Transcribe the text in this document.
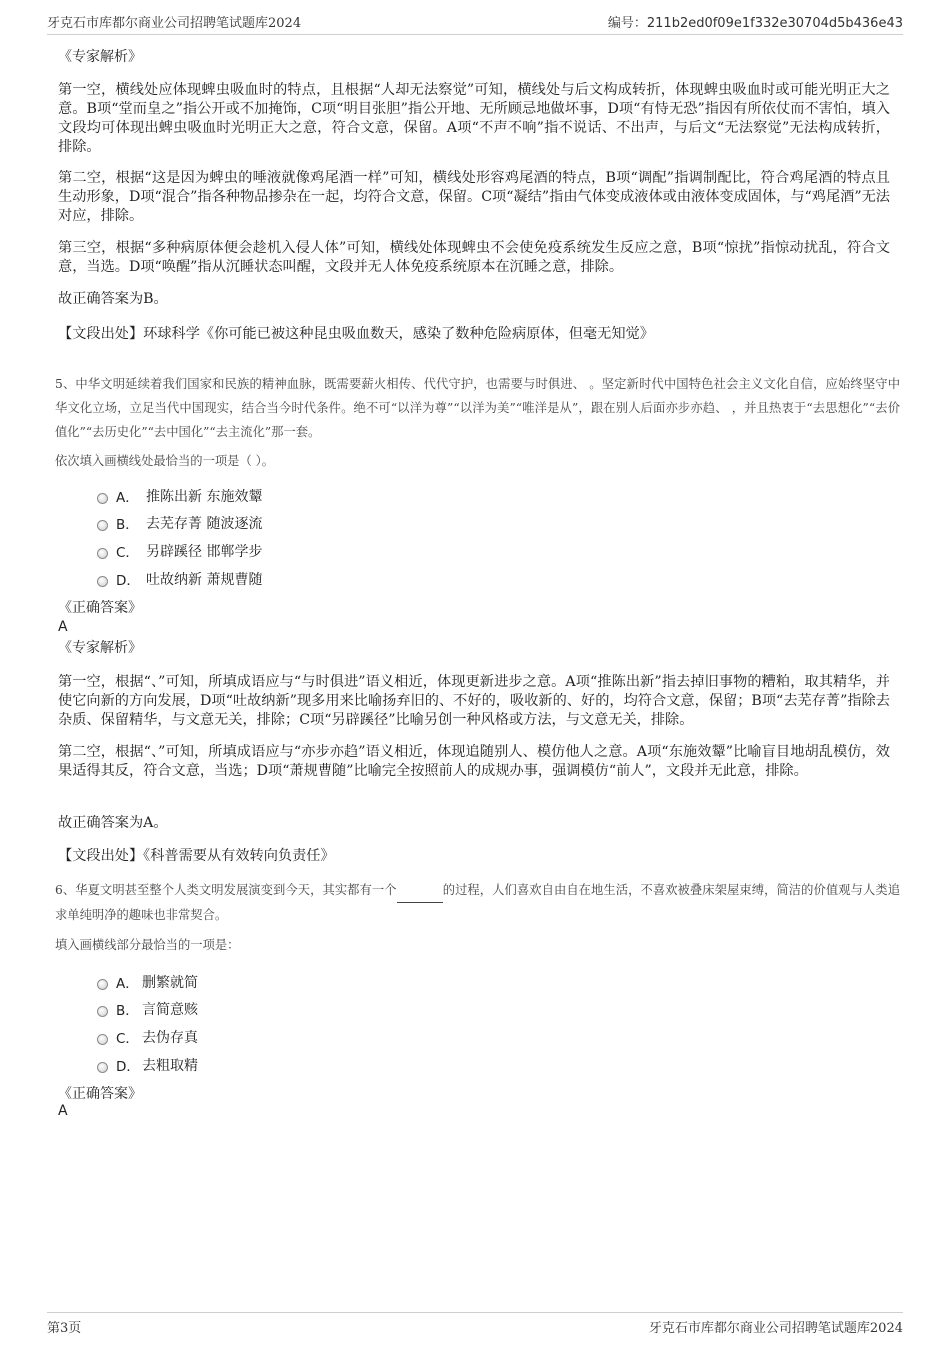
牙克石市库都尔商业公司招聘笔试题库2024	编号：211b2ed0f09e1f332e30704d5b436e43
《专家解析》
第一空，横线处应体现蜱虫吸血时的特点，且根据“人却无法察觉”可知，横线处与后文构成转折，体现蜱虫吸血时或可能光明正大之意。B项“堂而皇之”指公开或不加掩饰，C项“明目张胆”指公开地、无所顾忌地做坏事，D项“有恃无恐”指因有所依仗而不害怕，填入文段均可体现出蜱虫吸血时光明正大之意，符合文意，保留。A项“不声不响”指不说话、不出声，与后文“无法察觉”无法构成转折，排除。
第二空，根据“这是因为蜱虫的唾液就像鸡尾酒一样”可知，横线处形容鸡尾酒的特点，B项“调配”指调制配比，符合鸡尾酒的特点且生动形象，D项“混合”指各种物品掺杂在一起，均符合文意，保留。C项“凝结”指由气体变成液体或由液体变成固体，与“鸡尾酒”无法对应，排除。
第三空，根据“多种病原体便会趁机入侵人体”可知，横线处体现蜱虫不会使免疫系统发生反应之意，B项“惊扰”指惊动扰乱，符合文意，当选。D项“唤醒”指从沉睡状态叫醒，文段并无人体免疫系统原本在沉睡之意，排除。
故正确答案为B。
【文段出处】环球科学《你可能已被这种昆虫吸血数天，感染了数种危险病原体，但毫无知觉》
5、中华文明延续着我们国家和民族的精神血脉，既需要薪火相传、代代守护，也需要与时俱进、 。坚定新时代中国特色社会主义文化自信，应始终坚守中华文化立场，立足当代中国现实，结合当今时代条件。绝不可“以洋为尊”“以洋为美”“唯洋是从”，跟在别人后面亦步亦趋、 ，并且热衷于“去思想化”“去价值化”“去历史化”“去中国化”“去主流化”那一套。
依次填入画横线处最恰当的一项是（ ）。
A． 推陈出新 东施效颦
B． 去芜存菁 随波逐流
C． 另辟蹊径 邯郸学步
D． 吐故纳新 萧规曹随
《正确答案》
A
《专家解析》
第一空，根据“、”可知，所填成语应与“与时俱进”语义相近，体现更新进步之意。A项“推陈出新”指去掉旧事物的糟粕，取其精华，并使它向新的方向发展，D项“吐故纳新”现多用来比喻扬弃旧的、不好的，吸收新的、好的，均符合文意，保留；B项“去芜存菁”指除去杂质、保留精华，与文意无关，排除；C项“另辟蹊径”比喻另创一种风格或方法，与文意无关，排除。
第二空，根据“、”可知，所填成语应与“亦步亦趋”语义相近，体现追随别人、模仿他人之意。A项“东施效颦”比喻盲目地胡乱模仿，效果适得其反，符合文意，当选；D项“萧规曹随”比喻完全按照前人的成规办事，强调模仿“前人”，文段并无此意，排除。
故正确答案为A。
【文段出处】《科普需要从有效转向负责任》
6、华夏文明甚至整个人类文明发展演变到今天，其实都有一个	的过程，人们喜欢自由自在地生活，不喜欢被叠床架屋束缚，简洁的价值观与人类追求单纯明净的趣味也非常契合。
填入画横线部分最恰当的一项是：
A． 删繁就简
B． 言简意赅
C． 去伪存真
D． 去粗取精
《正确答案》
A
第3页	牙克石市库都尔商业公司招聘笔试题库2024
